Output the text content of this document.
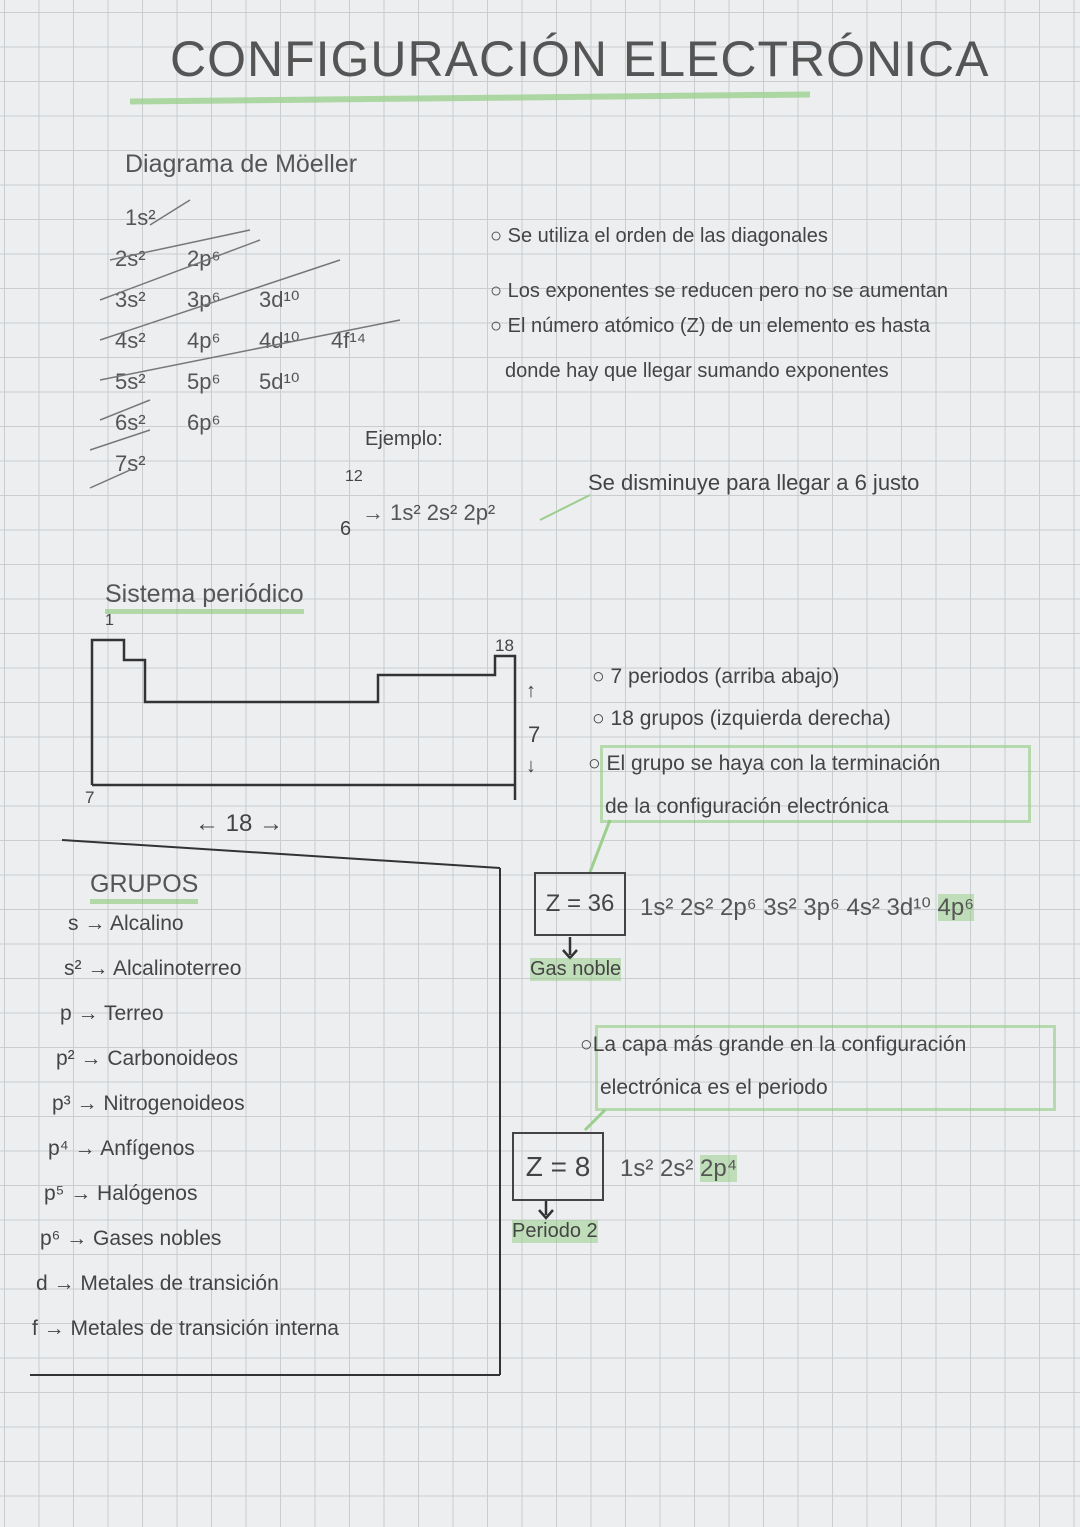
CONFIGURACIÓN ELECTRÓNICA
Diagrama de Möeller
1s²
2s² 2p⁶
3s² 3p⁶ 3d¹⁰
4s² 4p⁶ 4d¹⁰ 4f¹⁴
5s² 5p⁶ 5d¹⁰
6s² 6p⁶
7s²
○ Se utiliza el orden de las diagonales
○ Los exponentes se reducen pero no se aumentan
○ El número atómico (Z) de un elemento es hasta
donde hay que llegar sumando exponentes
Ejemplo:
12
6
→ 1s² 2s² 2p²
Se disminuye para llegar a 6 justo
Sistema periódico
1
18
7
← 18 →
↑
7
↓
○ 7 periodos (arriba abajo)
○ 18 grupos (izquierda derecha)
○ El grupo se haya con la terminación
de la configuración electrónica
Z = 36	1s² 2s² 2p⁶ 3s² 3p⁶ 4s² 3d¹⁰ 4p⁶
Gas noble
○La capa más grande en la configuración
electrónica es el periodo
Z = 8	1s² 2s² 2p⁴
Periodo 2
GRUPOS
s → Alcalino
s² → Alcalinoterreo
p → Terreo
p² → Carbonoideos
p³ → Nitrogenoideos
p⁴ → Anfígenos
p⁵ → Halógenos
p⁶ → Gases nobles
d → Metales de transición
f → Metales de transición interna
